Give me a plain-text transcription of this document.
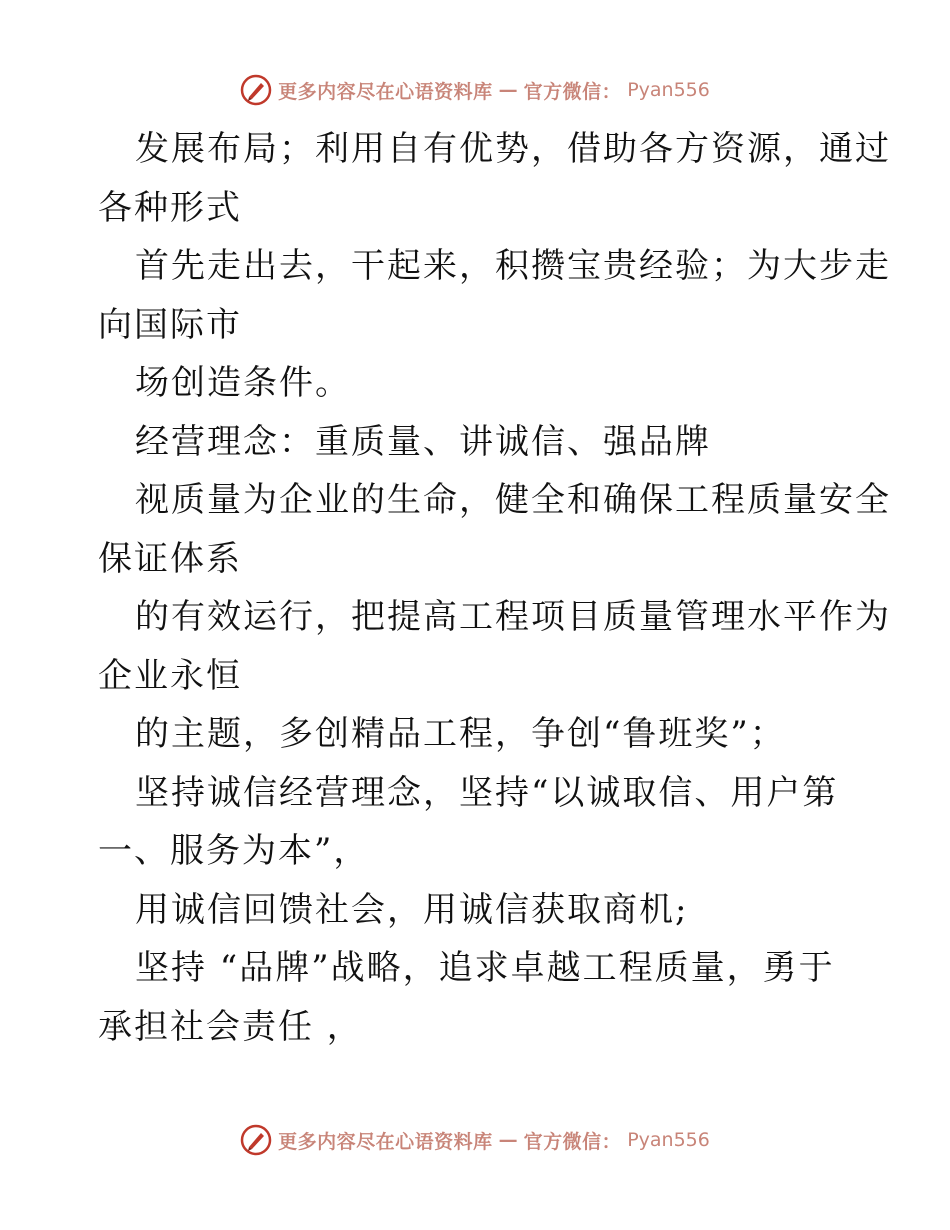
更多内容尽在心语资料库 — 官方微信： Pyan556
发展布局；利用自有优势，借助各方资源，通过
各种形式
首先走出去，干起来，积攒宝贵经验；为大步走
向国际市
场创造条件。
经营理念：重质量、讲诚信、强品牌
视质量为企业的生命，健全和确保工程质量安全
保证体系
的有效运行，把提高工程项目质量管理水平作为
企业永恒
的主题，多创精品工程，争创“鲁班奖”；
坚持诚信经营理念，坚持“以诚取信、用户第
一、服务为本”，
用诚信回馈社会，用诚信获取商机;
坚持 “品牌”战略，追求卓越工程质量，勇于
承担社会责任 ，
更多内容尽在心语资料库 — 官方微信： Pyan556
